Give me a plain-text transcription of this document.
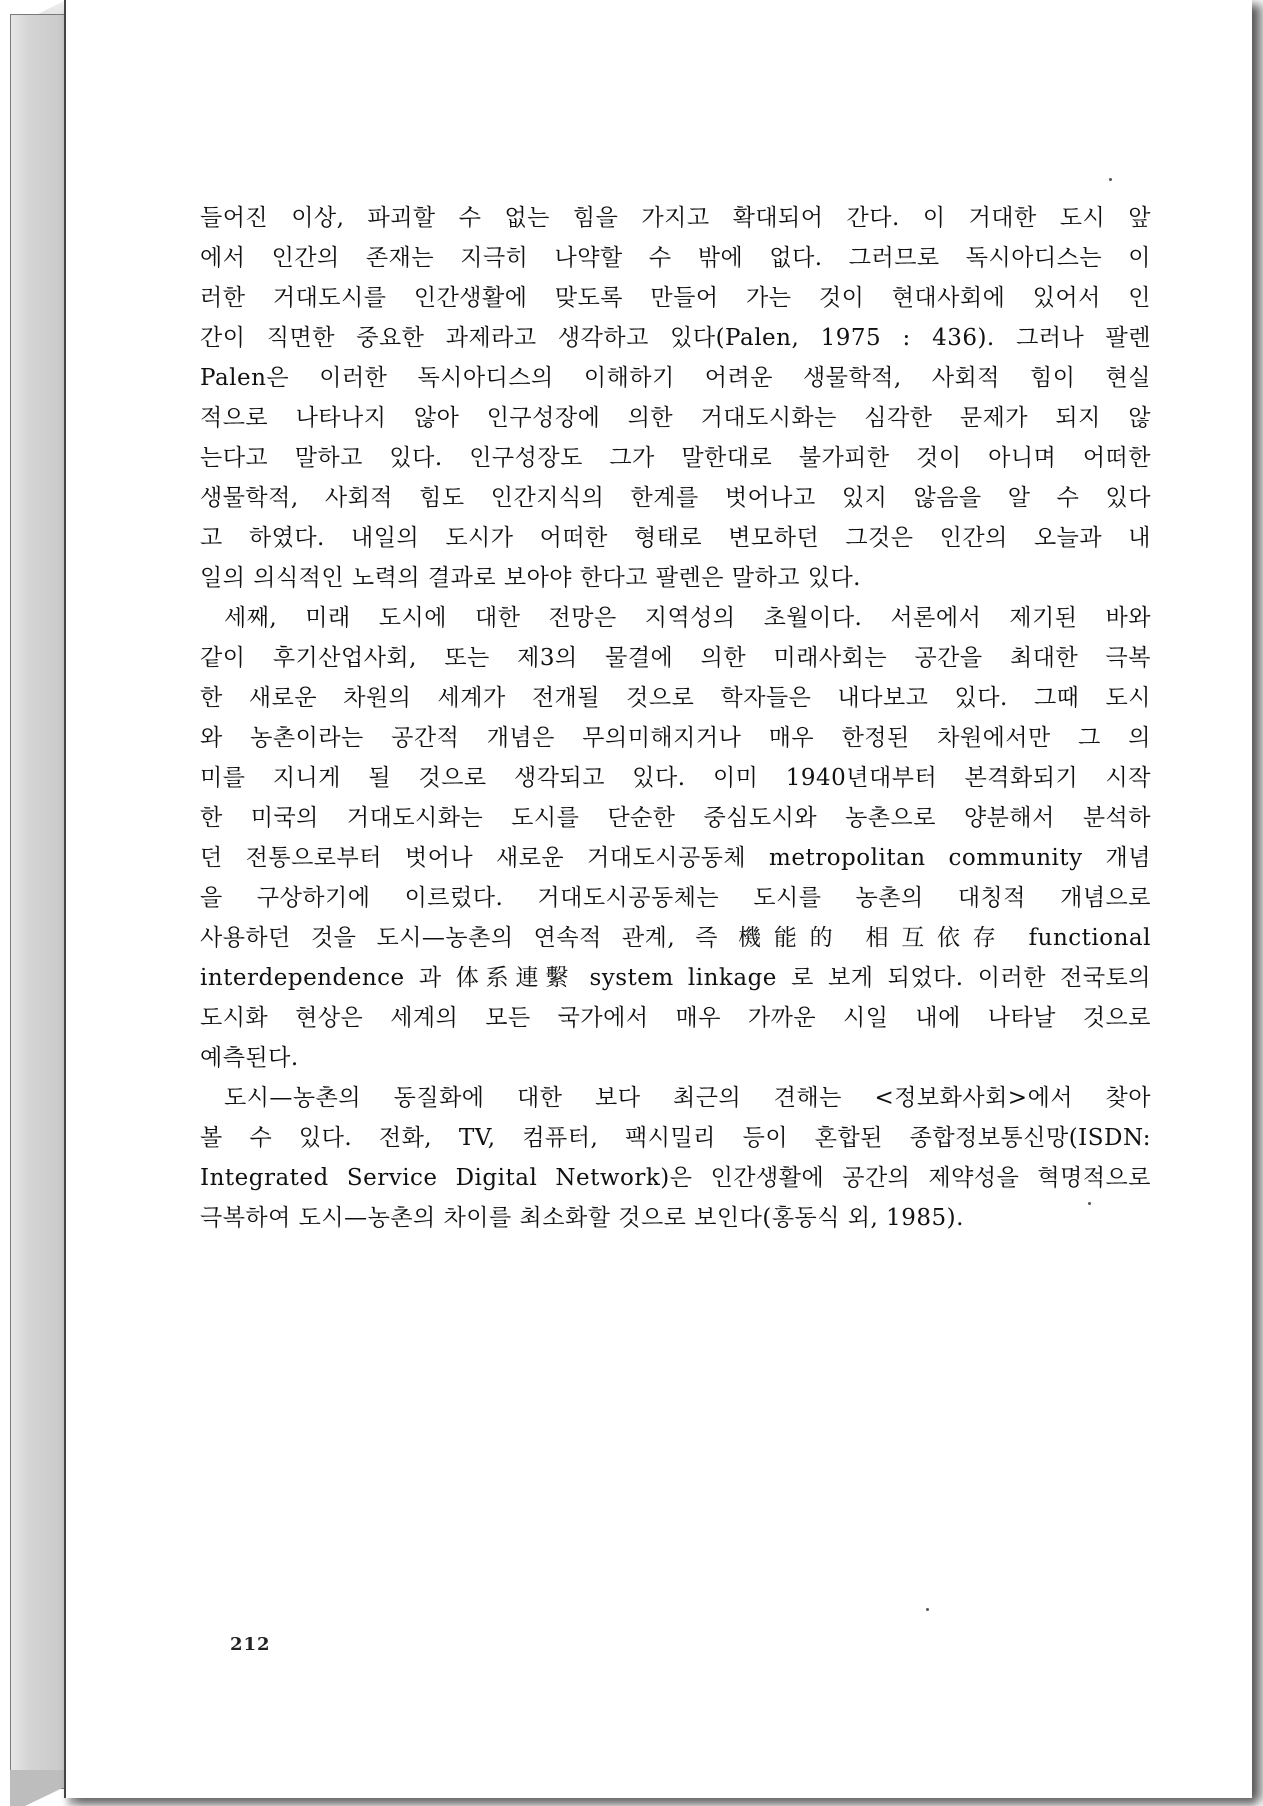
들어진 이상, 파괴할 수 없는 힘을 가지고 확대되어 간다. 이 거대한 도시 앞
에서 인간의 존재는 지극히 나약할 수 밖에 없다. 그러므로 독시아디스는 이
러한 거대도시를 인간생활에 맞도록 만들어 가는 것이 현대사회에 있어서 인
간이 직면한 중요한 과제라고 생각하고 있다(Palen, 1975 : 436). 그러나 팔렌
Palen은 이러한 독시아디스의 이해하기 어려운 생물학적, 사회적 힘이 현실
적으로 나타나지 않아 인구성장에 의한 거대도시화는 심각한 문제가 되지 않
는다고 말하고 있다. 인구성장도 그가 말한대로 불가피한 것이 아니며 어떠한
생물학적, 사회적 힘도 인간지식의 한계를 벗어나고 있지 않음을 알 수 있다
고 하였다. 내일의 도시가 어떠한 형태로 변모하던 그것은 인간의 오늘과 내
일의 의식적인 노력의 결과로 보아야 한다고 팔렌은 말하고 있다.
세째, 미래 도시에 대한 전망은 지역성의 초월이다. 서론에서 제기된 바와
같이 후기산업사회, 또는 제3의 물결에 의한 미래사회는 공간을 최대한 극복
한 새로운 차원의 세계가 전개될 것으로 학자들은 내다보고 있다. 그때 도시
와 농촌이라는 공간적 개념은 무의미해지거나 매우 한정된 차원에서만 그 의
미를 지니게 될 것으로 생각되고 있다. 이미 1940년대부터 본격화되기 시작
한 미국의 거대도시화는 도시를 단순한 중심도시와 농촌으로 양분해서 분석하
던 전통으로부터 벗어나 새로운 거대도시공동체 metropolitan community 개념
을 구상하기에 이르렀다. 거대도시공동체는 도시를 농촌의 대칭적 개념으로
사용하던 것을 도시—농촌의 연속적 관계, 즉 機能的 相互依存 functional
interdependence 과 体系連繫 system linkage 로 보게 되었다. 이러한 전국토의
도시화 현상은 세계의 모든 국가에서 매우 가까운 시일 내에 나타날 것으로
예측된다.
도시—농촌의 동질화에 대한 보다 최근의 견해는 <정보화사회>에서 찾아
볼 수 있다. 전화, TV, 컴퓨터, 팩시밀리 등이 혼합된 종합정보통신망(ISDN:
Integrated Service Digital Network)은 인간생활에 공간의 제약성을 혁명적으로
극복하여 도시—농촌의 차이를 최소화할 것으로 보인다(홍동식 외, 1985).
212
